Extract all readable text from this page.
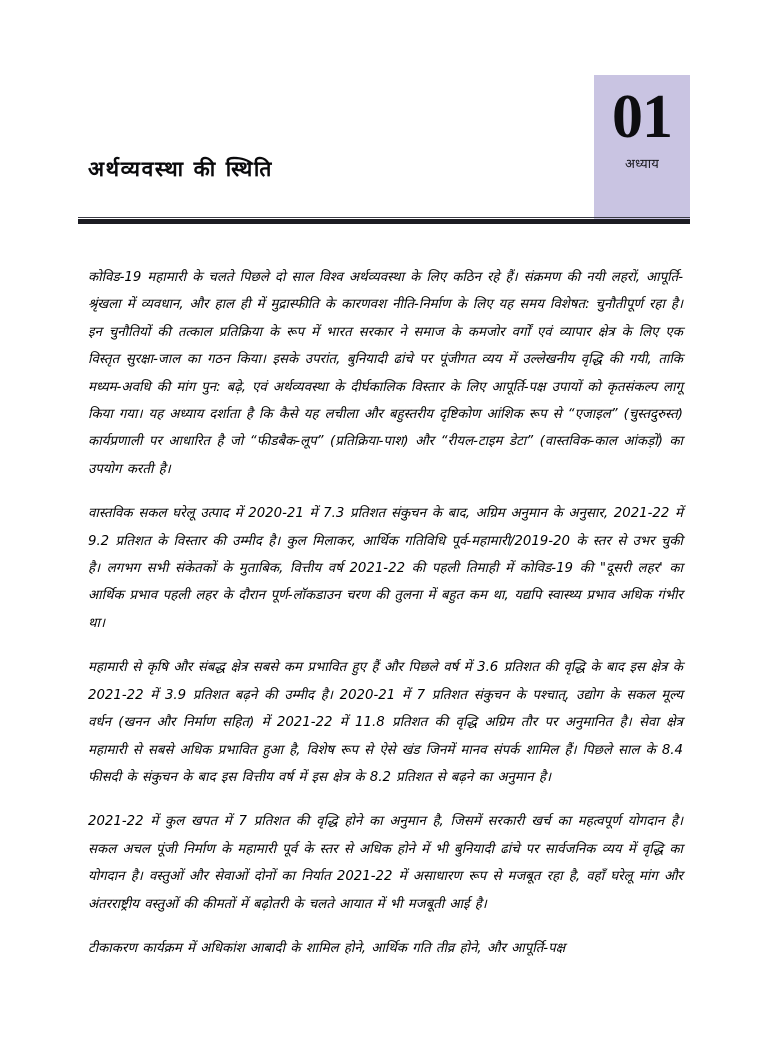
01
अध्याय
अर्थव्यवस्था की स्थिति

कोविड-19 महामारी के चलते पिछले दो साल विश्व अर्थव्यवस्था के लिए कठिन रहे हैं। संक्रमण की नयी लहरों, आपूर्ति-श्रृंखला में व्यवधान, और हाल ही में मुद्रास्फीति के कारणवश नीति-निर्माण के लिए यह समय विशेषत: चुनौतीपूर्ण रहा है। इन चुनौतियों की तत्काल प्रतिक्रिया के रूप में भारत सरकार ने समाज के कमजोर वर्गों एवं व्यापार क्षेत्र के लिए एक विस्तृत सुरक्षा-जाल का गठन किया। इसके उपरांत, बुनियादी ढांचे पर पूंजीगत व्यय में उल्लेखनीय वृद्धि की गयी, ताकि मध्यम-अवधि की मांग पुन: बढ़े, एवं अर्थव्यवस्था के दीर्घकालिक विस्तार के लिए आपूर्ति-पक्ष उपायों को कृतसंकल्प लागू किया गया। यह अध्याय दर्शाता है कि कैसे यह लचीला और बहुस्तरीय दृष्टिकोण आंशिक रूप से “एजाइल” (चुस्तदुरुस्त) कार्यप्रणाली पर आधारित है जो “फीडबैक-लूप” (प्रतिक्रिया-पाश) और “रीयल-टाइम डेटा” (वास्तविक-काल आंकड़ों) का उपयोग करती है।

वास्तविक सकल घरेलू उत्पाद में 2020-21 में 7.3 प्रतिशत संकुचन के बाद, अग्रिम अनुमान के अनुसार, 2021-22 में 9.2 प्रतिशत के विस्तार की उम्मीद है। कुल मिलाकर, आर्थिक गतिविधि पूर्व-महामारी/2019-20 के स्तर से उभर चुकी है। लगभग सभी संकेतकों के मुताबिक, वित्तीय वर्ष 2021-22 की पहली तिमाही में कोविड-19 की "दूसरी लहर' का आर्थिक प्रभाव पहली लहर के दौरान पूर्ण-लॉकडाउन चरण की तुलना में बहुत कम था, यद्यपि स्वास्थ्य प्रभाव अधिक गंभीर था।

महामारी से कृषि और संबद्ध क्षेत्र सबसे कम प्रभावित हुए हैं और पिछले वर्ष में 3.6 प्रतिशत की वृद्धि के बाद इस क्षेत्र के 2021-22 में 3.9 प्रतिशत बढ़ने की उम्मीद है। 2020-21 में 7 प्रतिशत संकुचन के पश्चात्, उद्योग के सकल मूल्य वर्धन (खनन और निर्माण सहित) में 2021-22 में 11.8 प्रतिशत की वृद्धि अग्रिम तौर पर अनुमानित है। सेवा क्षेत्र महामारी से सबसे अधिक प्रभावित हुआ है, विशेष रूप से ऐसे खंड जिनमें मानव संपर्क शामिल हैं। पिछले साल के 8.4 फीसदी के संकुचन के बाद इस वित्तीय वर्ष में इस क्षेत्र के 8.2 प्रतिशत से बढ़ने का अनुमान है।

2021-22 में कुल खपत में 7 प्रतिशत की वृद्धि होने का अनुमान है, जिसमें सरकारी खर्च का महत्वपूर्ण योगदान है। सकल अचल पूंजी निर्माण के महामारी पूर्व के स्तर से अधिक होने में भी बुनियादी ढांचे पर सार्वजनिक व्यय में वृद्धि का योगदान है। वस्तुओं और सेवाओं दोनों का निर्यात 2021-22 में असाधारण रूप से मजबूत रहा है, वहाँ घरेलू मांग और अंतरराष्ट्रीय वस्तुओं की कीमतों में बढ़ोतरी के चलते आयात में भी मजबूती आई है।

टीकाकरण कार्यक्रम में अधिकांश आबादी के शामिल होने, आर्थिक गति तीव्र होने, और आपूर्ति-पक्ष
